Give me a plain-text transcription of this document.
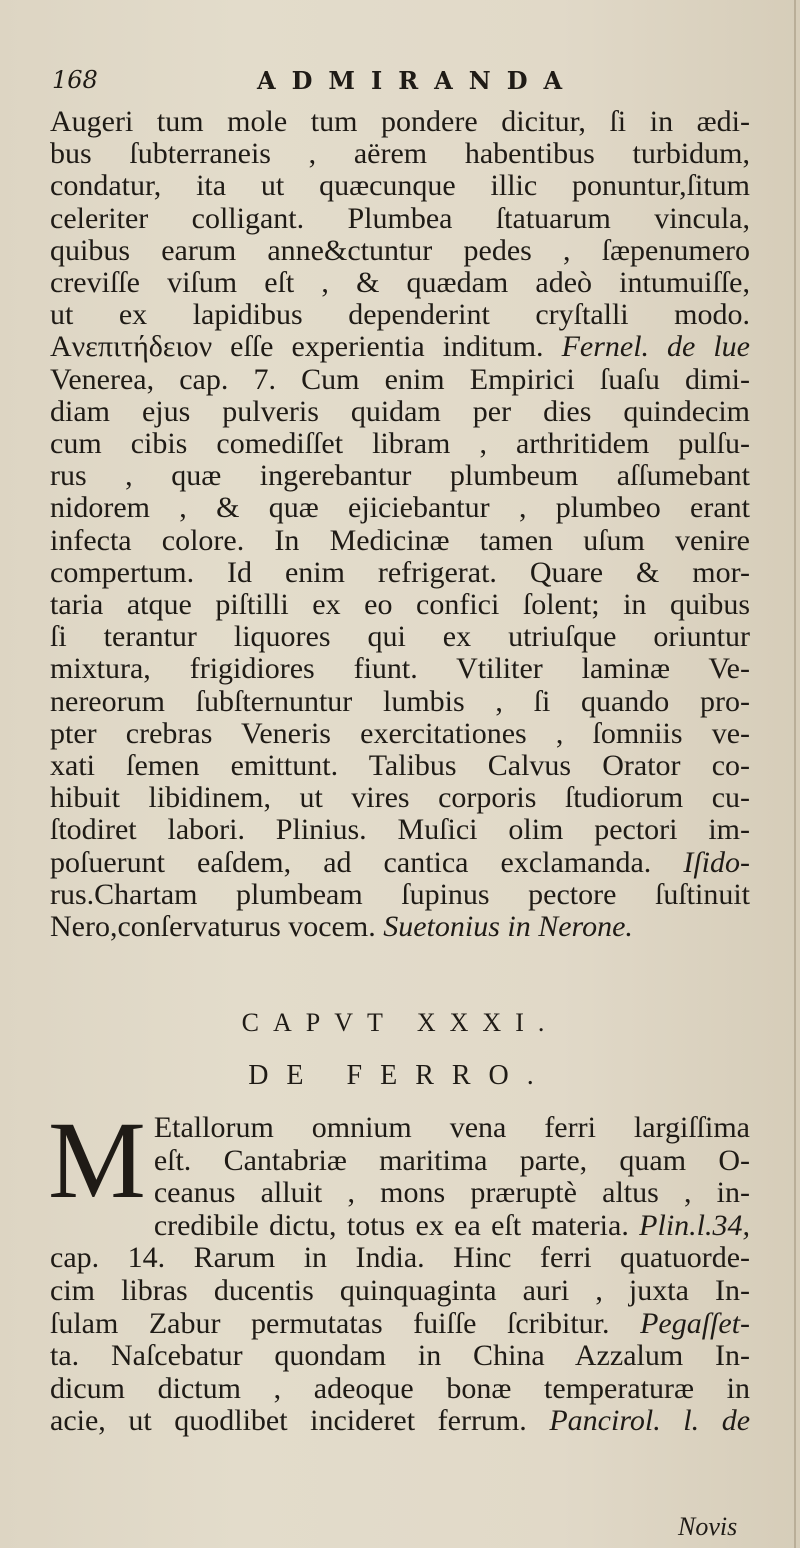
168	ADMIRANDA
Augeri tum mole tum pondere dicitur, ſi in ædi-
bus ſubterraneis , aërem habentibus turbidum,
condatur, ita ut quæcunque illic ponuntur,ſitum
celeriter colligant. Plumbea ſtatuarum vincula,
quibus earum anne&ctuntur pedes , ſæpenumero
creviſſe viſum eſt , & quædam adeò intumuiſſe,
ut ex lapidibus dependerint cryſtalli modo.
Aνεπιτήδειον eſſe experientia inditum. Fernel. de lue
Venerea, cap. 7. Cum enim Empirici ſuaſu dimi-
diam ejus pulveris quidam per dies quindecim
cum cibis comediſſet libram , arthritidem pulſu-
rus , quæ ingerebantur plumbeum aſſumebant
nidorem , & quæ ejiciebantur , plumbeo erant
infecta colore. In Medicinæ tamen uſum venire
compertum. Id enim refrigerat. Quare & mor-
taria atque piſtilli ex eo confici ſolent; in quibus
ſi terantur liquores qui ex utriuſque oriuntur
mixtura, frigidiores fiunt. Vtiliter laminæ Ve-
nereorum ſubſternuntur lumbis , ſi quando pro-
pter crebras Veneris exercitationes , ſomniis ve-
xati ſemen emittunt. Talibus Calvus Orator co-
hibuit libidinem, ut vires corporis ſtudiorum cu-
ſtodiret labori. Plinius. Muſici olim pectori im-
poſuerunt eaſdem, ad cantica exclamanda. Iſido-
rus.Chartam plumbeam ſupinus pectore ſuſtinuit
Nero,conſervaturus vocem. Suetonius in Nerone.
CAPVT XXXI.
DE FERRO.
M Etallorum omnium vena ferri largiſſima
eſt. Cantabriæ maritima parte, quam O-
ceanus alluit , mons præruptè altus , in-
credibile dictu, totus ex ea eſt materia. Plin.l.34,
cap. 14. Rarum in India. Hinc ferri quatuorde-
cim libras ducentis quinquaginta auri , juxta In-
ſulam Zabur permutatas fuiſſe ſcribitur. Pegaſſet-
ta. Naſcebatur quondam in China Azzalum In-
dicum dictum , adeoque bonæ temperaturæ in
acie, ut quodlibet incideret ferrum. Pancirol. l. de
Novis
